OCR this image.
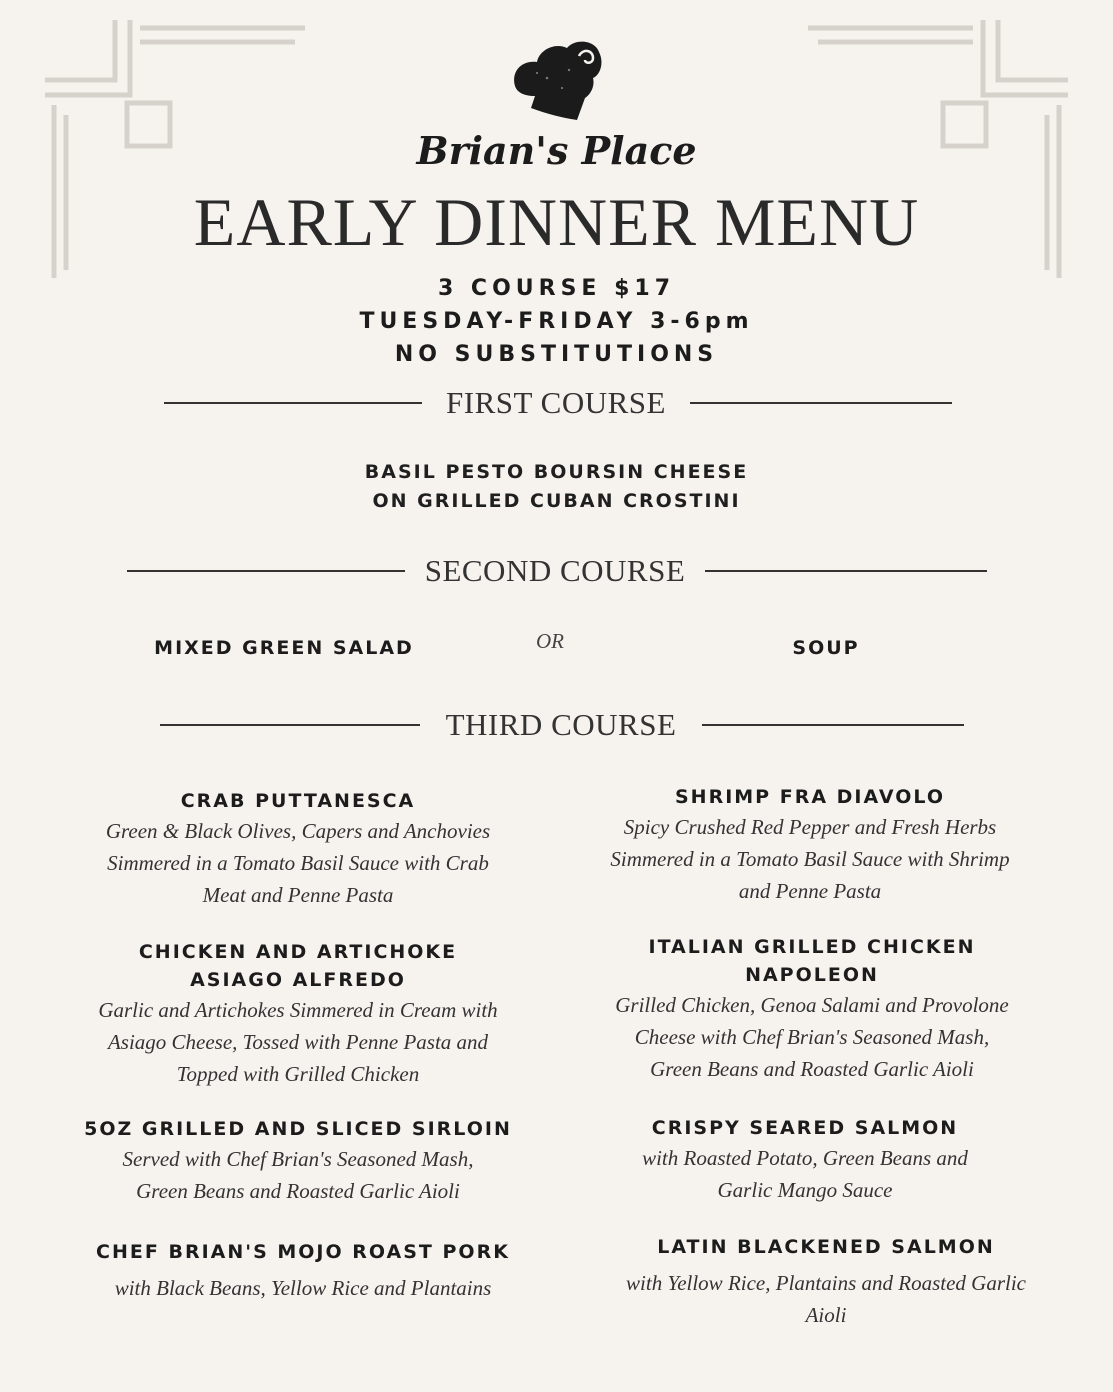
Brian's Place
EARLY DINNER MENU
3 COURSE $17
TUESDAY-FRIDAY 3-6pm
NO SUBSTITUTIONS
FIRST COURSE
BASIL PESTO BOURSIN CHEESE
ON GRILLED CUBAN CROSTINI
SECOND COURSE
MIXED GREEN SALAD	OR	SOUP
THIRD COURSE
CRAB PUTTANESCA
Green & Black Olives, Capers and Anchovies
Simmered in a Tomato Basil Sauce with Crab
Meat and Penne Pasta
CHICKEN AND ARTICHOKE ASIAGO ALFREDO
Garlic and Artichokes Simmered in Cream with
Asiago Cheese, Tossed with Penne Pasta and
Topped with Grilled Chicken
5OZ GRILLED AND SLICED SIRLOIN
Served with Chef Brian's Seasoned Mash,
Green Beans and Roasted Garlic Aioli
CHEF BRIAN'S MOJO ROAST PORK
with Black Beans, Yellow Rice and Plantains
SHRIMP FRA DIAVOLO
Spicy Crushed Red Pepper and Fresh Herbs
Simmered in a Tomato Basil Sauce with Shrimp
and Penne Pasta
ITALIAN GRILLED CHICKEN NAPOLEON
Grilled Chicken, Genoa Salami and Provolone
Cheese with Chef Brian's Seasoned Mash,
Green Beans and Roasted Garlic Aioli
CRISPY SEARED SALMON
with Roasted Potato, Green Beans and
Garlic Mango Sauce
LATIN BLACKENED SALMON
with Yellow Rice, Plantains and Roasted Garlic
Aioli
